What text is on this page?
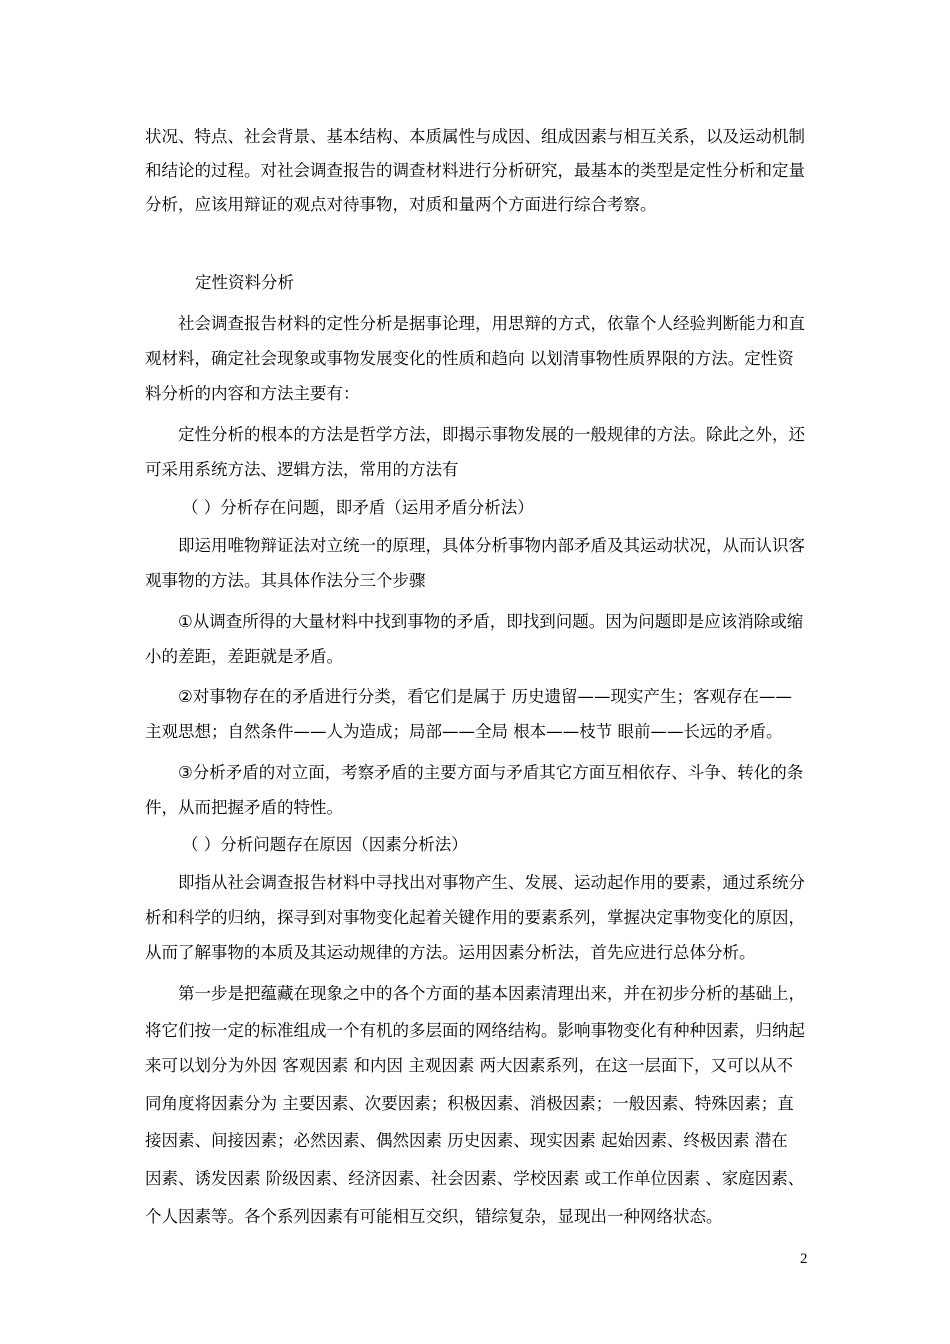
状况、特点、社会背景、基本结构、本质属性与成因、组成因素与相互关系，以及运动机制
和结论的过程。对社会调查报告的调查材料进行分析研究，最基本的类型是定性分析和定量
分析，应该用辩证的观点对待事物，对质和量两个方面进行综合考察。
定性资料分析
社会调查报告材料的定性分析是据事论理，用思辩的方式，依靠个人经验判断能力和直
观材料，确定社会现象或事物发展变化的性质和趋向 以划清事物性质界限的方法。定性资
料分析的内容和方法主要有：
定性分析的根本的方法是哲学方法，即揭示事物发展的一般规律的方法。除此之外，还
可采用系统方法、逻辑方法，常用的方法有
（ ）分析存在问题，即矛盾（运用矛盾分析法）
即运用唯物辩证法对立统一的原理，具体分析事物内部矛盾及其运动状况，从而认识客
观事物的方法。其具体作法分三个步骤
①从调查所得的大量材料中找到事物的矛盾，即找到问题。因为问题即是应该消除或缩
小的差距，差距就是矛盾。
②对事物存在的矛盾进行分类，看它们是属于 历史遗留——现实产生；客观存在——
主观思想；自然条件——人为造成；局部——全局 根本——枝节 眼前——长远的矛盾。
③分析矛盾的对立面，考察矛盾的主要方面与矛盾其它方面互相依存、斗争、转化的条
件，从而把握矛盾的特性。
（ ）分析问题存在原因（因素分析法）
即指从社会调查报告材料中寻找出对事物产生、发展、运动起作用的要素，通过系统分
析和科学的归纳，探寻到对事物变化起着关键作用的要素系列，掌握决定事物变化的原因，
从而了解事物的本质及其运动规律的方法。运用因素分析法，首先应进行总体分析。
第一步是把蕴藏在现象之中的各个方面的基本因素清理出来，并在初步分析的基础上，
将它们按一定的标准组成一个有机的多层面的网络结构。影响事物变化有种种因素，归纳起
来可以划分为外因 客观因素 和内因 主观因素 两大因素系列，在这一层面下，又可以从不
同角度将因素分为 主要因素、次要因素；积极因素、消极因素；一般因素、特殊因素；直
接因素、间接因素；必然因素、偶然因素 历史因素、现实因素 起始因素、终极因素 潜在
因素、诱发因素 阶级因素、经济因素、社会因素、学校因素 或工作单位因素 、家庭因素、
个人因素等。各个系列因素有可能相互交织，错综复杂，显现出一种网络状态。
2
